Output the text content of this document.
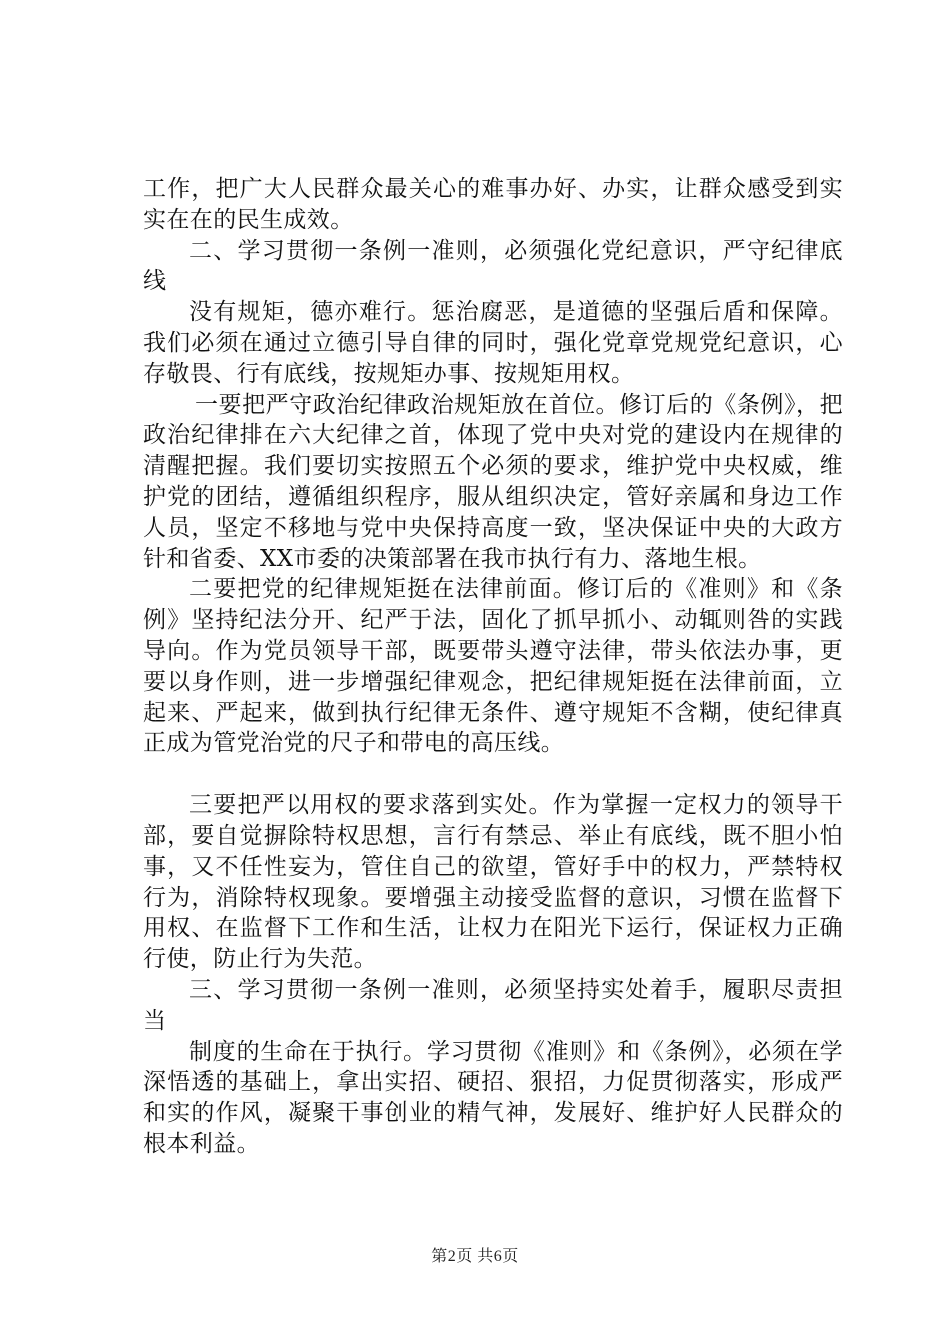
工作，把广大人民群众最关心的难事办好、办实，让群众感受到实实在在的民生成效。

二、学习贯彻一条例一准则，必须强化党纪意识，严守纪律底线

没有规矩，德亦难行。惩治腐恶，是道德的坚强后盾和保障。我们必须在通过立德引导自律的同时，强化党章党规党纪意识，心存敬畏、行有底线，按规矩办事、按规矩用权。

一要把严守政治纪律政治规矩放在首位。修订后的《条例》，把政治纪律排在六大纪律之首，体现了党中央对党的建设内在规律的清醒把握。我们要切实按照五个必须的要求，维护党中央权威，维护党的团结，遵循组织程序，服从组织决定，管好亲属和身边工作人员，坚定不移地与党中央保持高度一致，坚决保证中央的大政方针和省委、XX市委的决策部署在我市执行有力、落地生根。

二要把党的纪律规矩挺在法律前面。修订后的《准则》和《条例》坚持纪法分开、纪严于法，固化了抓早抓小、动辄则咎的实践导向。作为党员领导干部，既要带头遵守法律，带头依法办事，更要以身作则，进一步增强纪律观念，把纪律规矩挺在法律前面，立起来、严起来，做到执行纪律无条件、遵守规矩不含糊，使纪律真正成为管党治党的尺子和带电的高压线。

三要把严以用权的要求落到实处。作为掌握一定权力的领导干部，要自觉摒除特权思想，言行有禁忌、举止有底线，既不胆小怕事，又不任性妄为，管住自己的欲望，管好手中的权力，严禁特权行为，消除特权现象。要增强主动接受监督的意识，习惯在监督下用权、在监督下工作和生活，让权力在阳光下运行，保证权力正确行使，防止行为失范。

三、学习贯彻一条例一准则，必须坚持实处着手，履职尽责担当

制度的生命在于执行。学习贯彻《准则》和《条例》，必须在学深悟透的基础上，拿出实招、硬招、狠招，力促贯彻落实，形成严和实的作风，凝聚干事创业的精气神，发展好、维护好人民群众的根本利益。

第2页 共6页
